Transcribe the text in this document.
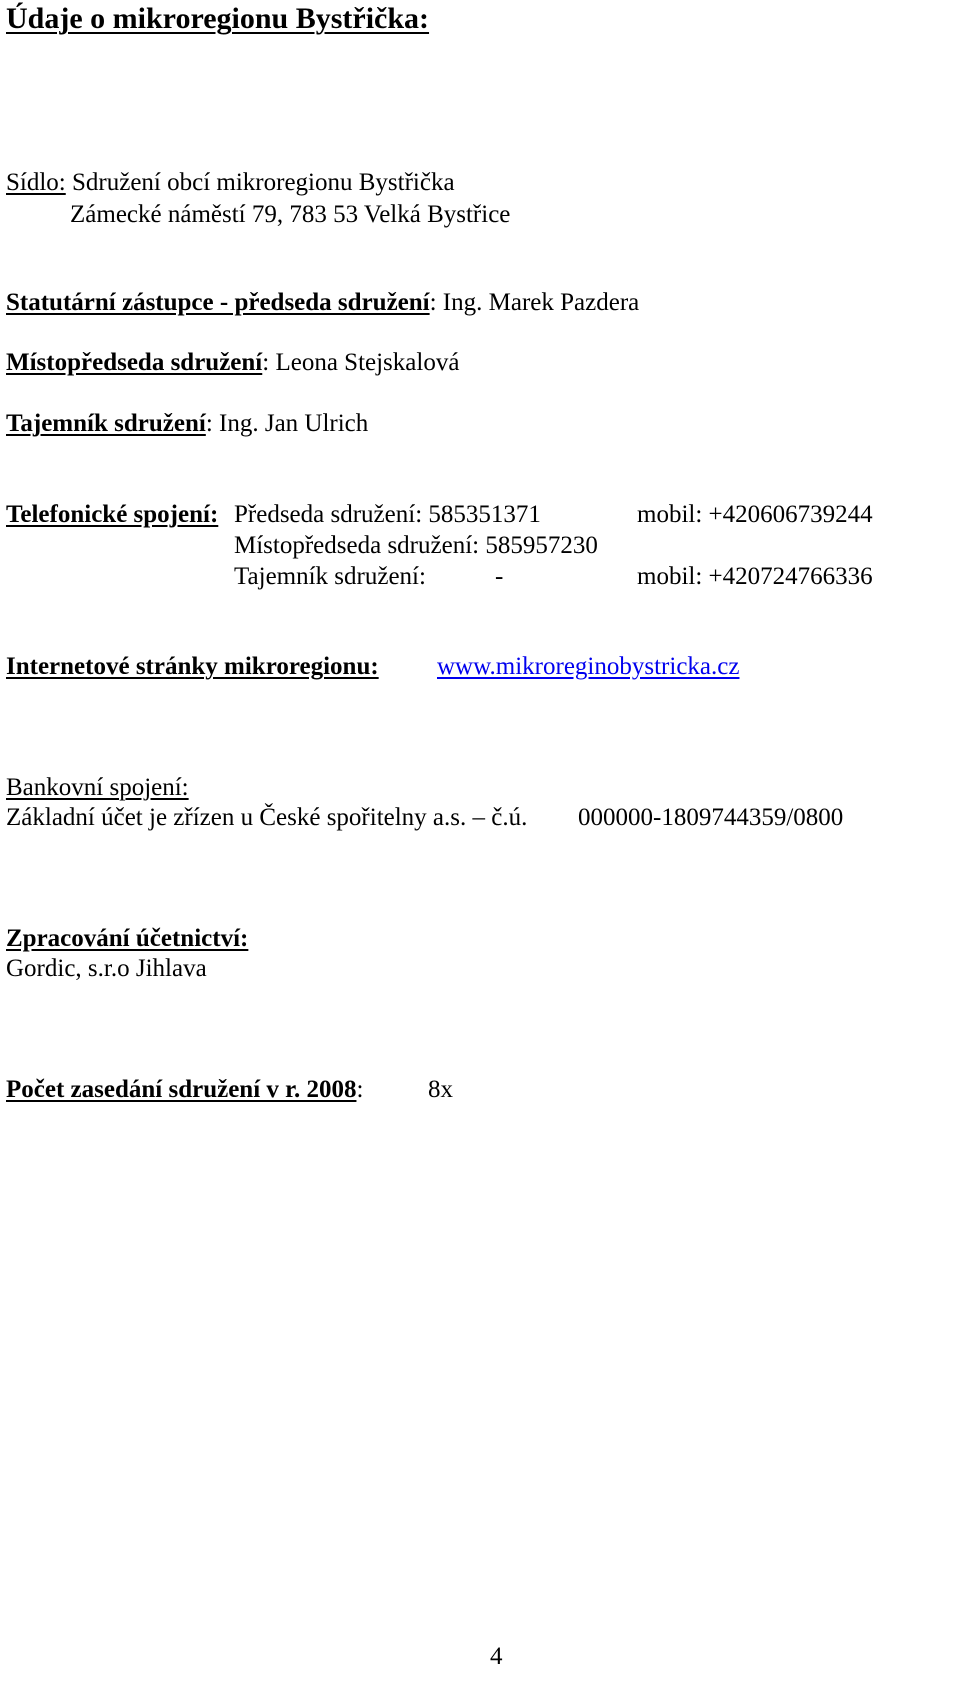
Údaje o mikroregionu Bystřička:
Sídlo: Sdružení obcí mikroregionu Bystřička
Zámecké náměstí 79, 783 53 Velká Bystřice
Statutární zástupce - předseda sdružení: Ing. Marek Pazdera
Místopředseda sdružení: Leona Stejskalová
Tajemník sdružení: Ing. Jan Ulrich
Telefonické spojení: Předseda sdružení: 585351371	mobil: +420606739244
Místopředseda sdružení: 585957230
Tajemník sdružení:	-	mobil: +420724766336
Internetové stránky mikroregionu: www.mikroreginobystricka.cz
Bankovní spojení:
Základní účet je zřízen u České spořitelny a.s. – č.ú. 000000-1809744359/0800
Zpracování účetnictví:
Gordic, s.r.o Jihlava
Počet zasedání sdružení v r. 2008:	8x
4
